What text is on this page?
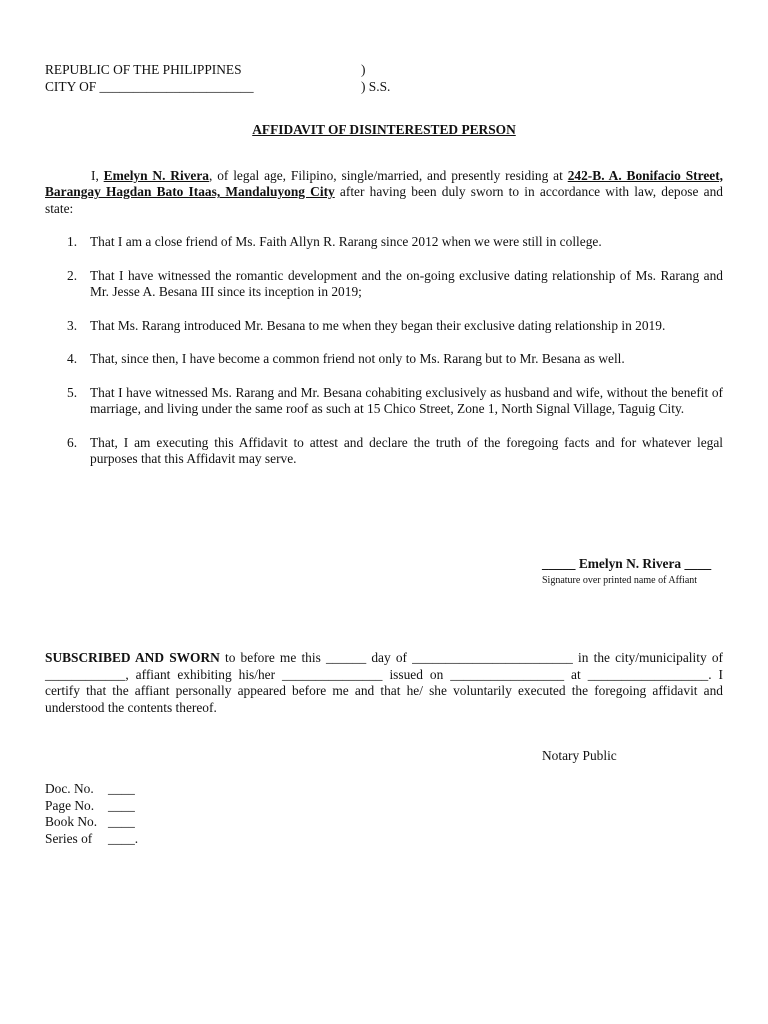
REPUBLIC OF THE PHILIPPINES	)
CITY OF _______________________	) S.S.
AFFIDAVIT OF DISINTERESTED PERSON

I, Emelyn N. Rivera, of legal age, Filipino, single/married, and presently residing at 242-B. A. Bonifacio Street, Barangay Hagdan Bato Itaas, Mandaluyong City after having been duly sworn to in accordance with law, depose and state:

1. That I am a close friend of Ms. Faith Allyn R. Rarang since 2012 when we were still in college.
2. That I have witnessed the romantic development and the on-going exclusive dating relationship of Ms. Rarang and Mr. Jesse A. Besana III since its inception in 2019;
3. That Ms. Rarang introduced Mr. Besana to me when they began their exclusive dating relationship in 2019.
4. That, since then, I have become a common friend not only to Ms. Rarang but to Mr. Besana as well.
5. That I have witnessed Ms. Rarang and Mr. Besana cohabiting exclusively as husband and wife, without the benefit of marriage, and living under the same roof as such at 15 Chico Street, Zone 1, North Signal Village, Taguig City.
6. That, I am executing this Affidavit to attest and declare the truth of the foregoing facts and for whatever legal purposes that this Affidavit may serve.
_____ Emelyn N. Rivera ____
Signature over printed name of Affiant
SUBSCRIBED AND SWORN to before me this ______ day of ________________________ in the city/municipality of ____________, affiant exhibiting his/her _______________ issued on _________________ at __________________. I certify that the affiant personally appeared before me and that he/ she voluntarily executed the foregoing affidavit and understood the contents thereof.
Notary Public
Doc. No. ____
Page No. ____
Book No. ____
Series of ____.
